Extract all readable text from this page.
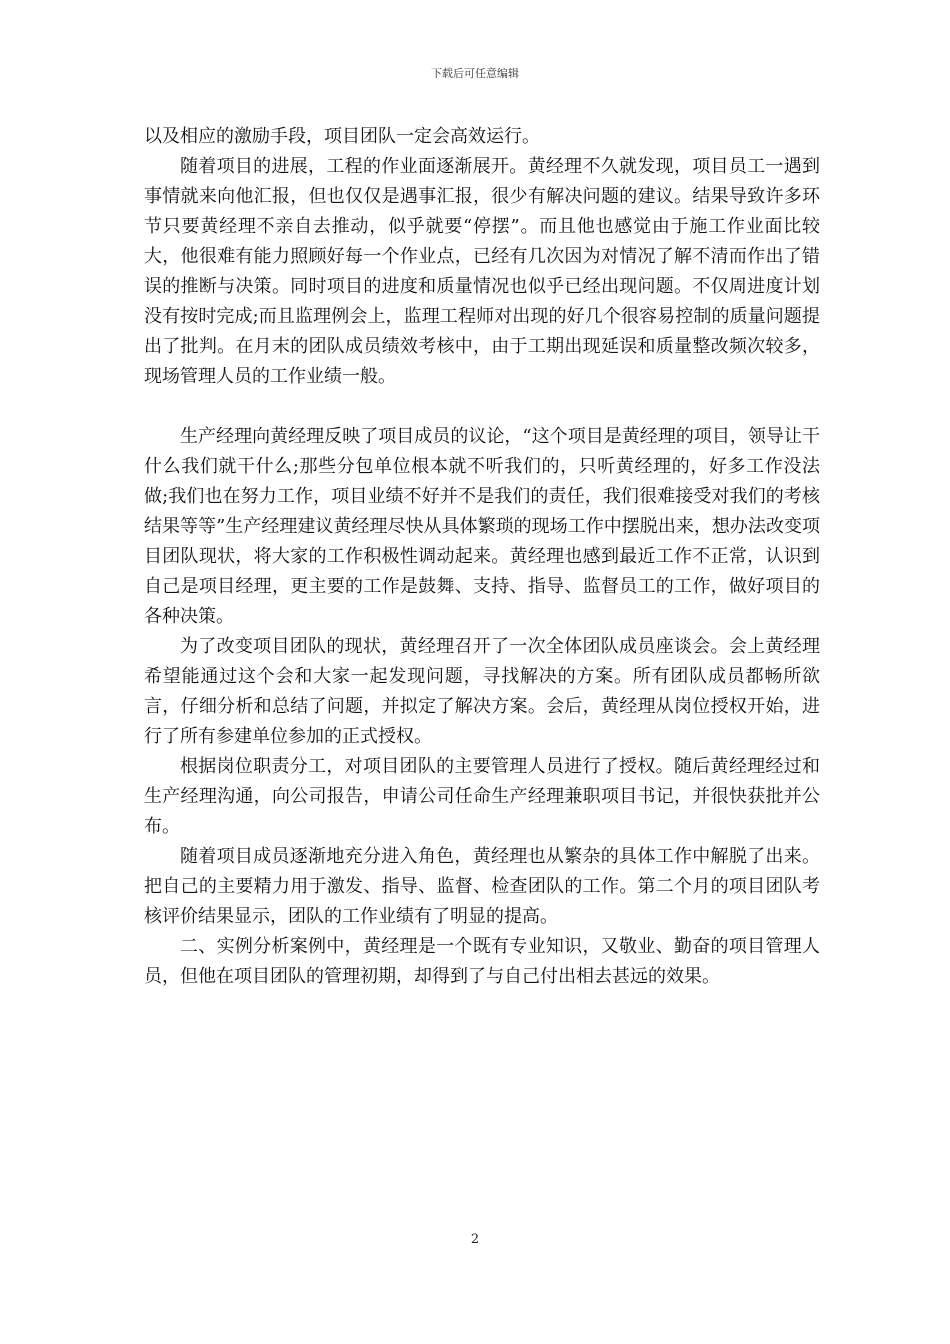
下载后可任意编辑

以及相应的激励手段，项目团队一定会高效运行。

随着项目的进展，工程的作业面逐渐展开。黄经理不久就发现，项目员工一遇到事情就来向他汇报，但也仅仅是遇事汇报，很少有解决问题的建议。结果导致许多环节只要黄经理不亲自去推动，似乎就要“停摆”。而且他也感觉由于施工作业面比较大，他很难有能力照顾好每一个作业点，已经有几次因为对情况了解不清而作出了错误的推断与决策。同时项目的进度和质量情况也似乎已经出现问题。不仅周进度计划没有按时完成;而且监理例会上，监理工程师对出现的好几个很容易控制的质量问题提出了批判。在月末的团队成员绩效考核中，由于工期出现延误和质量整改频次较多，现场管理人员的工作业绩一般。

生产经理向黄经理反映了项目成员的议论，“这个项目是黄经理的项目，领导让干什么我们就干什么;那些分包单位根本就不听我们的，只听黄经理的，好多工作没法做;我们也在努力工作，项目业绩不好并不是我们的责任，我们很难接受对我们的考核结果等等”生产经理建议黄经理尽快从具体繁琐的现场工作中摆脱出来，想办法改变项目团队现状，将大家的工作积极性调动起来。黄经理也感到最近工作不正常，认识到自己是项目经理，更主要的工作是鼓舞、支持、指导、监督员工的工作，做好项目的各种决策。

为了改变项目团队的现状，黄经理召开了一次全体团队成员座谈会。会上黄经理希望能通过这个会和大家一起发现问题，寻找解决的方案。所有团队成员都畅所欲言，仔细分析和总结了问题，并拟定了解决方案。会后，黄经理从岗位授权开始，进行了所有参建单位参加的正式授权。

根据岗位职责分工，对项目团队的主要管理人员进行了授权。随后黄经理经过和生产经理沟通，向公司报告，申请公司任命生产经理兼职项目书记，并很快获批并公布。

随着项目成员逐渐地充分进入角色，黄经理也从繁杂的具体工作中解脱了出来。把自己的主要精力用于激发、指导、监督、检查团队的工作。第二个月的项目团队考核评价结果显示，团队的工作业绩有了明显的提高。

二、实例分析案例中，黄经理是一个既有专业知识，又敬业、勤奋的项目管理人员，但他在项目团队的管理初期，却得到了与自己付出相去甚远的效果。

2
